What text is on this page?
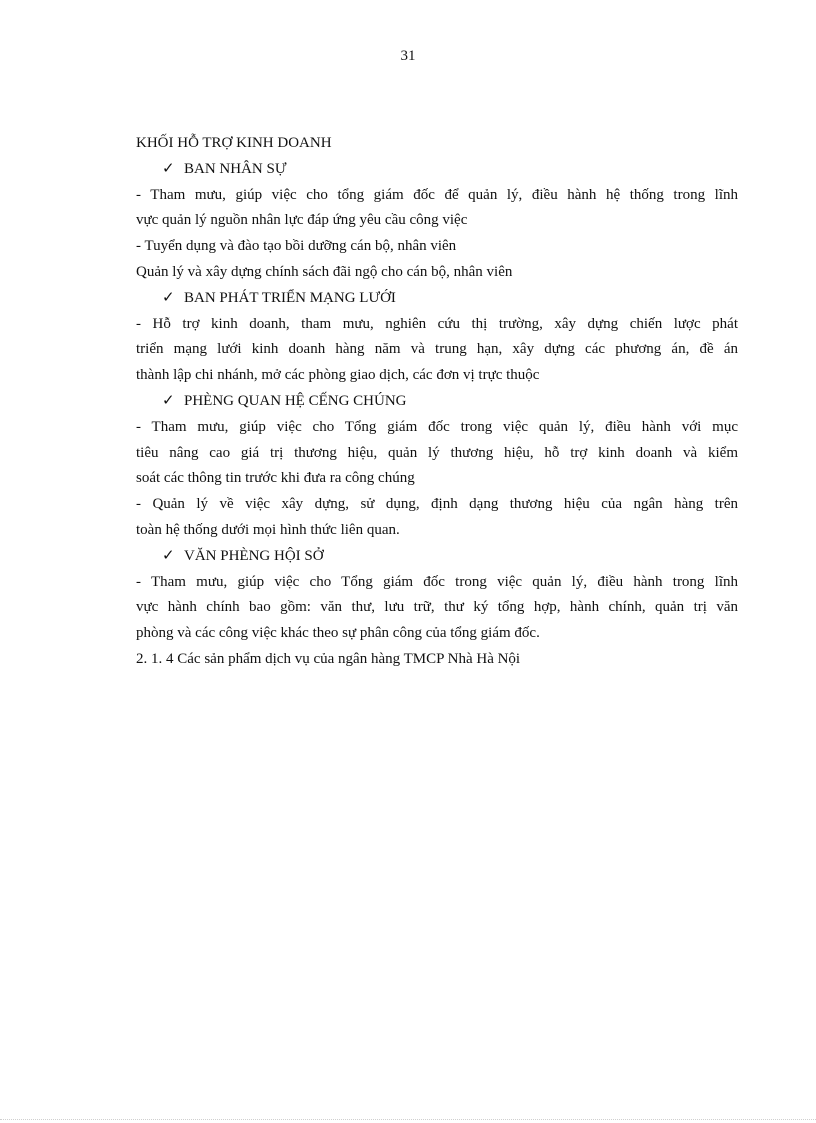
31
KHỐI HỖ TRỢ KINH DOANH
✓ BAN NHÂN SỰ
- Tham mưu, giúp việc cho tổng giám đốc để quản lý, điều hành hệ thống trong lĩnh
vực quản lý nguồn nhân lực đáp ứng yêu cầu công việc
- Tuyển dụng và đào tạo bồi dưỡng cán bộ, nhân viên
Quản lý và xây dựng chính sách đãi ngộ cho cán bộ, nhân viên
✓ BAN PHÁT TRIỂN MẠNG LƯỚI
- Hỗ trợ kinh doanh, tham mưu, nghiên cứu thị trường, xây dựng chiến lược phát
triển mạng lưới kinh doanh hàng năm và trung hạn, xây dựng các phương án, đề án
thành lập chi nhánh, mở các phòng giao dịch, các đơn vị trực thuộc
✓ PHÈNG QUAN HỆ CẾNG CHÚNG
- Tham mưu, giúp việc cho Tổng giám đốc trong việc quản lý, điều hành với mục
tiêu nâng cao giá trị thương hiệu, quản lý thương hiệu, hỗ trợ kinh doanh và kiểm
soát các thông tin trước khi đưa ra công chúng
- Quản lý về việc xây dựng, sử dụng, định dạng thương hiệu của ngân hàng trên
toàn hệ thống dưới mọi hình thức liên quan.
✓ VĂN PHÈNG HỘI SỞ
- Tham mưu, giúp việc cho Tổng giám đốc trong việc quản lý, điều hành trong lĩnh
vực hành chính bao gồm: văn thư, lưu trữ, thư ký tổng hợp, hành chính, quản trị văn
phòng và các công việc khác theo sự phân công của tổng giám đốc.
2. 1. 4 Các sản phẩm dịch vụ của ngân hàng TMCP Nhà Hà Nội
